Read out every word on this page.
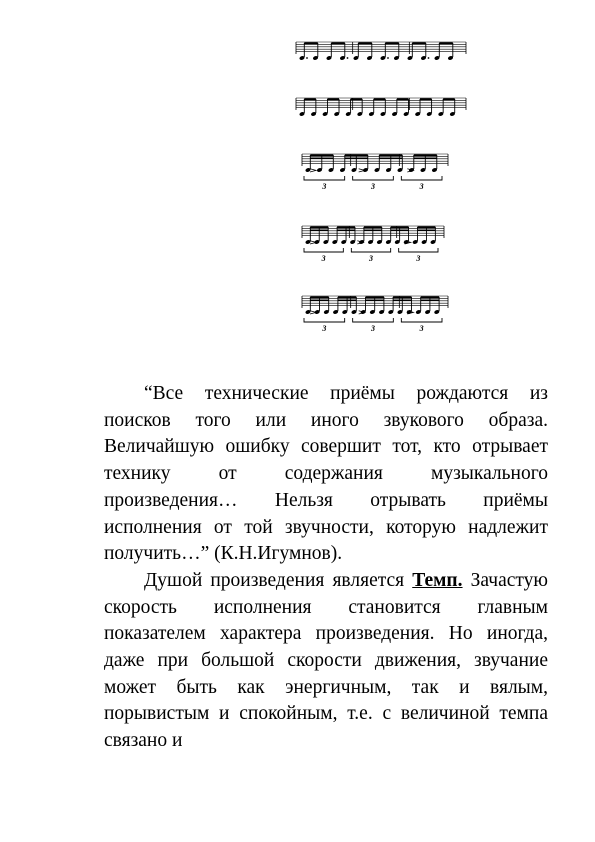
3	3	3
3	3	3
3	3	3

“Все технические приёмы рождаются из поисков того или иного звукового образа. Величайшую ошибку совершит тот, кто отрывает технику от содержания музыкального произведения… Нельзя отрывать приёмы исполнения от той звучности, которую надлежит получить…” (К.Н.Игумнов).

Душой произведения является Темп. Зачастую скорость исполнения становится главным показателем характера произведения. Но иногда, даже при большой скорости движения, звучание может быть как энергичным, так и вялым, порывистым и спокойным, т.е. с величиной темпа связано и
